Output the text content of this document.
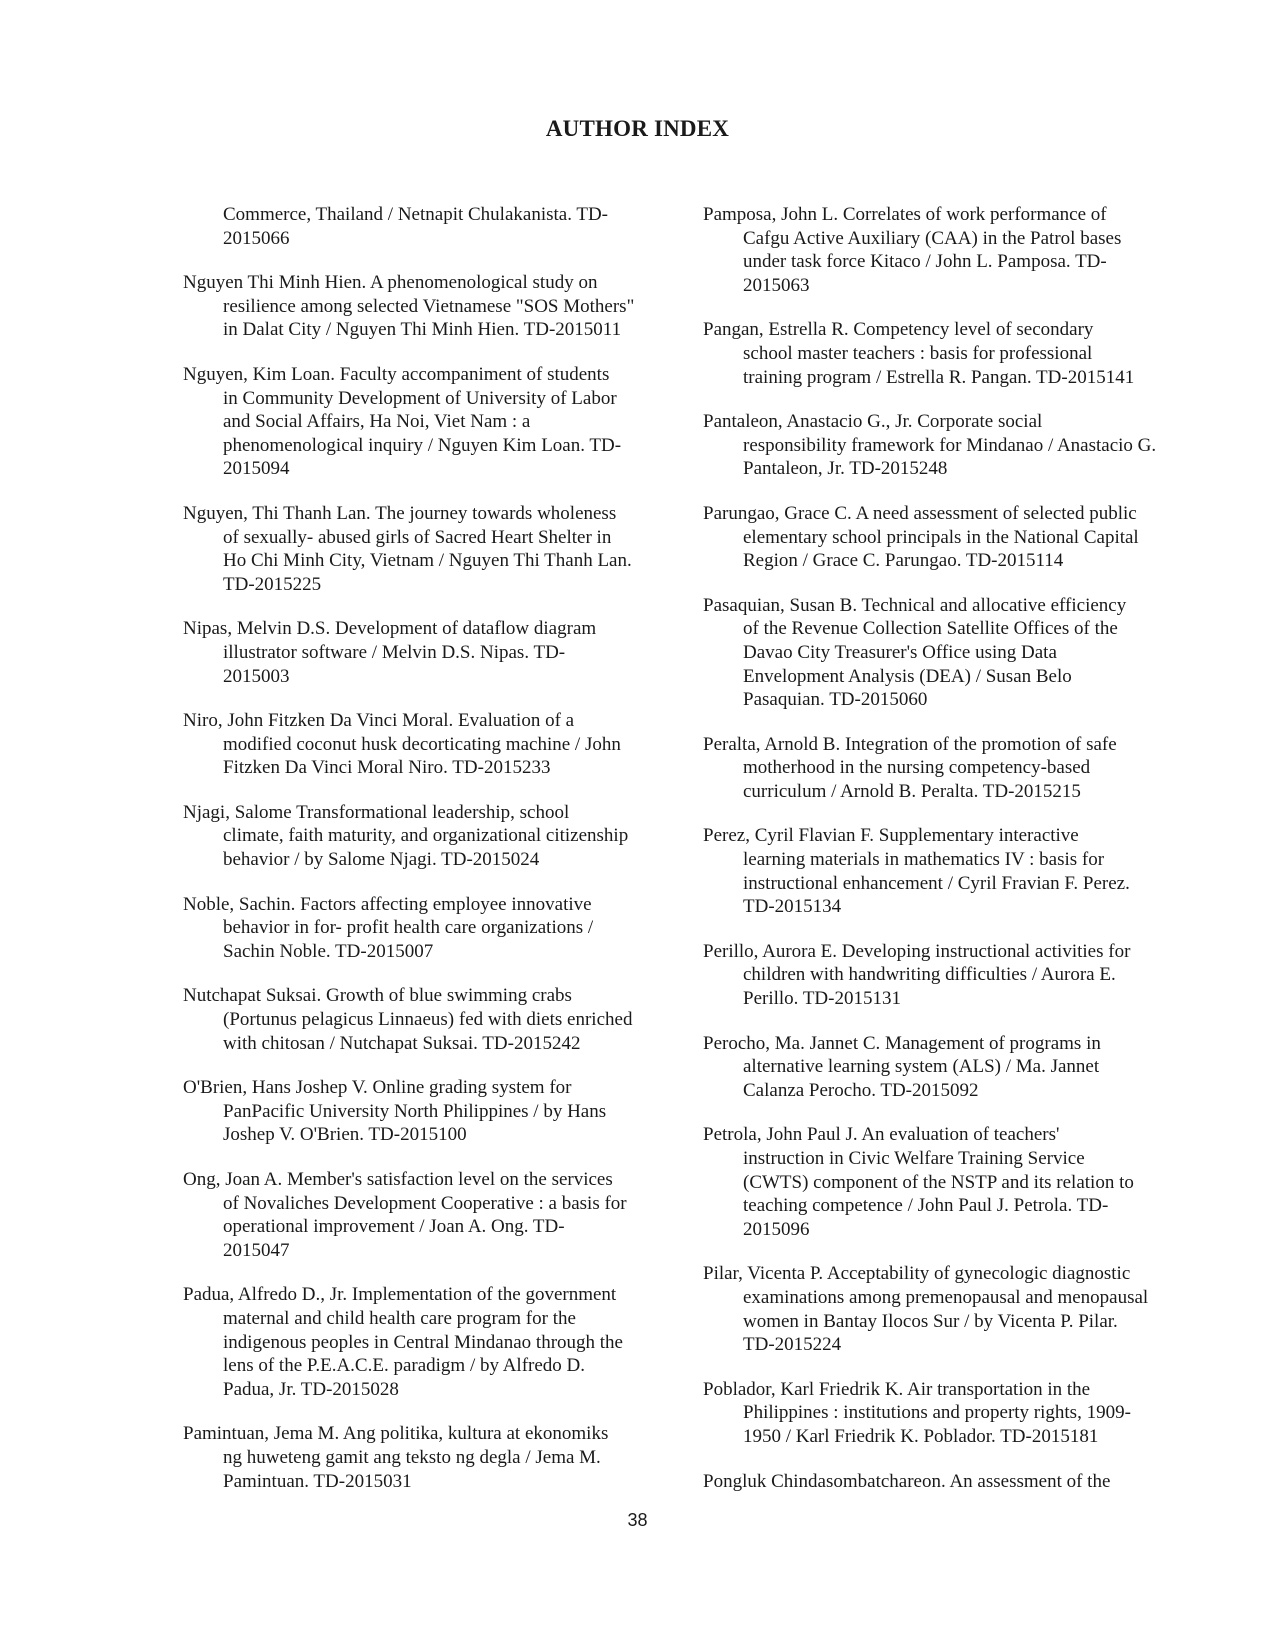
AUTHOR INDEX
Commerce, Thailand / Netnapit Chulakanista. TD-
2015066
Nguyen Thi Minh Hien. A phenomenological study on
resilience among selected Vietnamese "SOS Mothers"
in Dalat City / Nguyen Thi Minh Hien. TD-2015011
Nguyen, Kim Loan. Faculty accompaniment of students
in Community Development of University of Labor
and Social Affairs, Ha Noi, Viet Nam : a
phenomenological inquiry / Nguyen Kim Loan. TD-
2015094
Nguyen, Thi Thanh Lan. The journey towards wholeness
of sexually- abused girls of Sacred Heart Shelter in
Ho Chi Minh City, Vietnam / Nguyen Thi Thanh Lan.
TD-2015225
Nipas, Melvin D.S. Development of dataflow diagram
illustrator software / Melvin D.S. Nipas. TD-
2015003
Niro, John Fitzken Da Vinci Moral. Evaluation of a
modified coconut husk decorticating machine / John
Fitzken Da Vinci Moral Niro. TD-2015233
Njagi, Salome Transformational leadership, school
climate, faith maturity, and organizational citizenship
behavior / by Salome Njagi. TD-2015024
Noble, Sachin. Factors affecting employee innovative
behavior in for- profit health care organizations /
Sachin Noble. TD-2015007
Nutchapat Suksai. Growth of blue swimming crabs
(Portunus pelagicus Linnaeus) fed with diets enriched
with chitosan / Nutchapat Suksai. TD-2015242
O'Brien, Hans Joshep V. Online grading system for
PanPacific University North Philippines / by Hans
Joshep V. O'Brien. TD-2015100
Ong, Joan A. Member's satisfaction level on the services
of Novaliches Development Cooperative : a basis for
operational improvement / Joan A. Ong. TD-
2015047
Padua, Alfredo D., Jr. Implementation of the government
maternal and child health care program for the
indigenous peoples in Central Mindanao through the
lens of the P.E.A.C.E. paradigm / by Alfredo D.
Padua, Jr. TD-2015028
Pamintuan, Jema M. Ang politika, kultura at ekonomiks
ng huweteng gamit ang teksto ng degla / Jema M.
Pamintuan. TD-2015031
Pamposa, John L. Correlates of work performance of
Cafgu Active Auxiliary (CAA) in the Patrol bases
under task force Kitaco / John L. Pamposa. TD-
2015063
Pangan, Estrella R. Competency level of secondary
school master teachers : basis for professional
training program / Estrella R. Pangan. TD-2015141
Pantaleon, Anastacio G., Jr. Corporate social
responsibility framework for Mindanao / Anastacio G.
Pantaleon, Jr. TD-2015248
Parungao, Grace C. A need assessment of selected public
elementary school principals in the National Capital
Region / Grace C. Parungao. TD-2015114
Pasaquian, Susan B. Technical and allocative efficiency
of the Revenue Collection Satellite Offices of the
Davao City Treasurer's Office using Data
Envelopment Analysis (DEA) / Susan Belo
Pasaquian. TD-2015060
Peralta, Arnold B. Integration of the promotion of safe
motherhood in the nursing competency-based
curriculum / Arnold B. Peralta. TD-2015215
Perez, Cyril Flavian F. Supplementary interactive
learning materials in mathematics IV : basis for
instructional enhancement / Cyril Fravian F. Perez.
TD-2015134
Perillo, Aurora E. Developing instructional activities for
children with handwriting difficulties / Aurora E.
Perillo. TD-2015131
Perocho, Ma. Jannet C. Management of programs in
alternative learning system (ALS) / Ma. Jannet
Calanza Perocho. TD-2015092
Petrola, John Paul J. An evaluation of teachers'
instruction in Civic Welfare Training Service
(CWTS) component of the NSTP and its relation to
teaching competence / John Paul J. Petrola. TD-
2015096
Pilar, Vicenta P. Acceptability of gynecologic diagnostic
examinations among premenopausal and menopausal
women in Bantay Ilocos Sur / by Vicenta P. Pilar.
TD-2015224
Poblador, Karl Friedrik K. Air transportation in the
Philippines : institutions and property rights, 1909-
1950 / Karl Friedrik K. Poblador. TD-2015181
Pongluk Chindasombatchareon. An assessment of the
38
